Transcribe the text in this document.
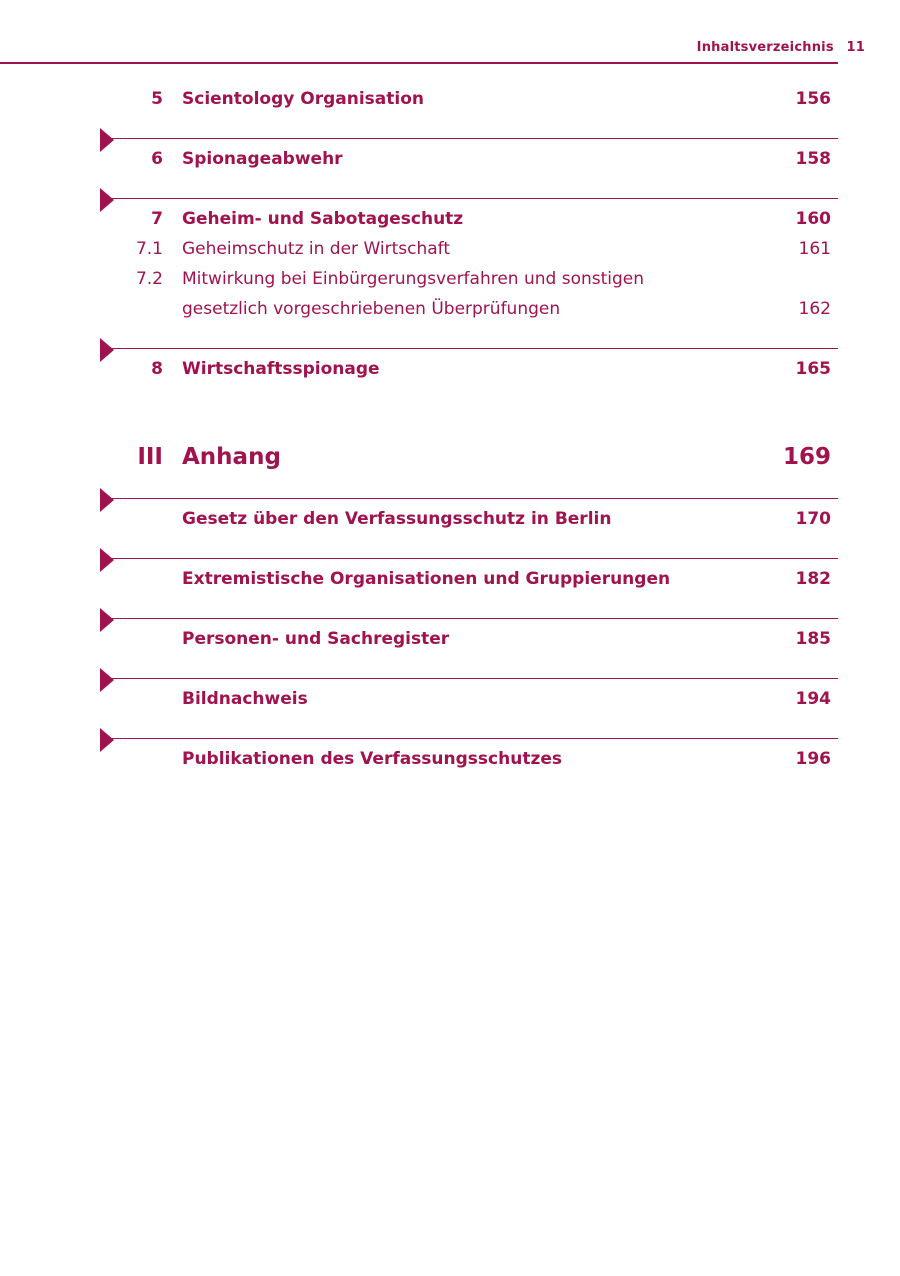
Inhaltsverzeichnis 11
5 Scientology Organisation	156
6 Spionageabwehr	158
7 Geheim- und Sabotageschutz	160
7.1 Geheimschutz in der Wirtschaft	161
7.2 Mitwirkung bei Einbürgerungsverfahren und sonstigen
gesetzlich vorgeschriebenen Überprüfungen	162
8 Wirtschaftsspionage	165
III Anhang	169
Gesetz über den Verfassungsschutz in Berlin	170
Extremistische Organisationen und Gruppierungen	182
Personen- und Sachregister	185
Bildnachweis	194
Publikationen des Verfassungsschutzes	196
